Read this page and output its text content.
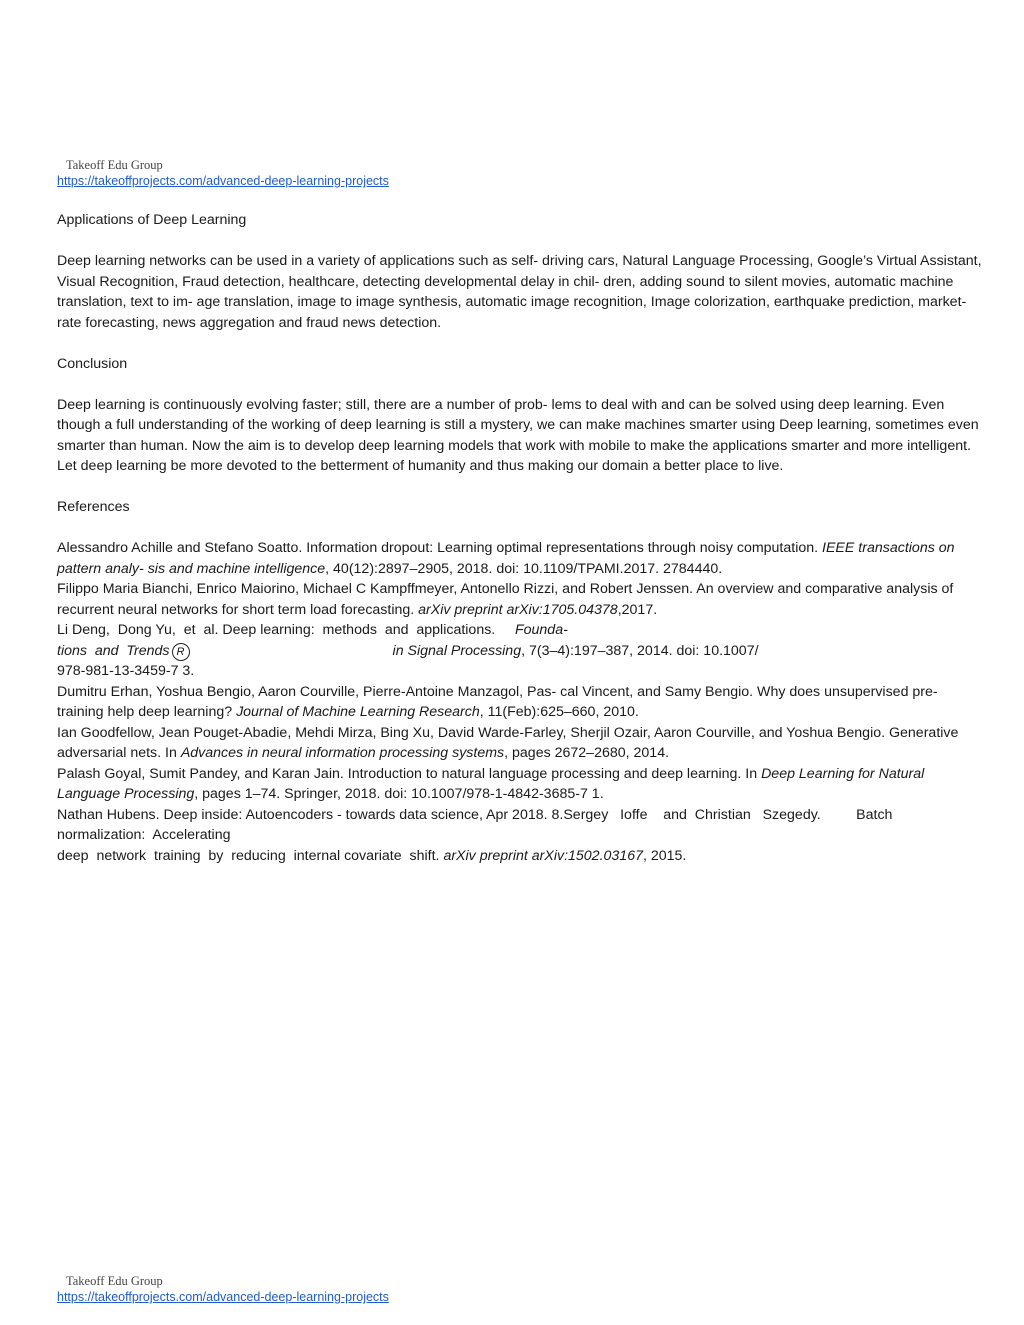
Takeoff Edu Group
https://takeoffprojects.com/advanced-deep-learning-projects
Applications of Deep Learning

Deep learning networks can be used in a variety of applications such as self- driving cars, Natural Language Processing, Google’s Virtual Assistant, Visual Recognition, Fraud detection, healthcare, detecting developmental delay in chil- dren, adding sound to silent movies, automatic machine translation, text to im- age translation, image to image synthesis, automatic image recognition, Image colorization, earthquake prediction, market-rate forecasting, news aggregation and fraud news detection.

Conclusion

Deep learning is continuously evolving faster; still, there are a number of prob- lems to deal with and can be solved using deep learning. Even though a full understanding of the working of deep learning is still a mystery, we can make machines smarter using Deep learning, sometimes even smarter than human. Now the aim is to develop deep learning models that work with mobile to make the applications smarter and more intelligent. Let deep learning be more devoted to the betterment of humanity and thus making our domain a better place to live.

References

Alessandro Achille and Stefano Soatto. Information dropout: Learning optimal representations through noisy computation. IEEE transactions on pattern analy- sis and machine intelligence, 40(12):2897–2905, 2018. doi: 10.1109/TPAMI.2017. 2784440.

Filippo Maria Bianchi, Enrico Maiorino, Michael C Kampffmeyer, Antonello Rizzi, and Robert Jenssen. An overview and comparative analysis of recurrent neural networks for short term load forecasting. arXiv preprint arXiv:1705.04378,2017.

Li Deng,  Dong Yu,  et  al. Deep learning:  methods  and  applications.     Founda-
tions  and  Trends R                                                   in Signal Processing, 7(3–4):197–387, 2014. doi: 10.1007/
978-981-13-3459-7 3.

Dumitru Erhan, Yoshua Bengio, Aaron Courville, Pierre-Antoine Manzagol, Pas- cal Vincent, and Samy Bengio. Why does unsupervised pre-training help deep learning? Journal of Machine Learning Research, 11(Feb):625–660, 2010.

Ian Goodfellow, Jean Pouget-Abadie, Mehdi Mirza, Bing Xu, David Warde-Farley, Sherjil Ozair, Aaron Courville, and Yoshua Bengio. Generative adversarial nets. In Advances in neural information processing systems, pages 2672–2680, 2014.

Palash Goyal, Sumit Pandey, and Karan Jain. Introduction to natural language processing and deep learning. In Deep Learning for Natural Language Processing, pages 1–74. Springer, 2018. doi: 10.1007/978-1-4842-3685-7 1.

Nathan Hubens. Deep inside: Autoencoders - towards data science, Apr 2018. 8.Sergey   Ioffe    and  Christian   Szegedy.         Batch   normalization:  Accelerating
deep  network  training  by  reducing  internal covariate  shift. arXiv preprint arXiv:1502.03167, 2015.

Takeoff Edu Group
https://takeoffprojects.com/advanced-deep-learning-projects
